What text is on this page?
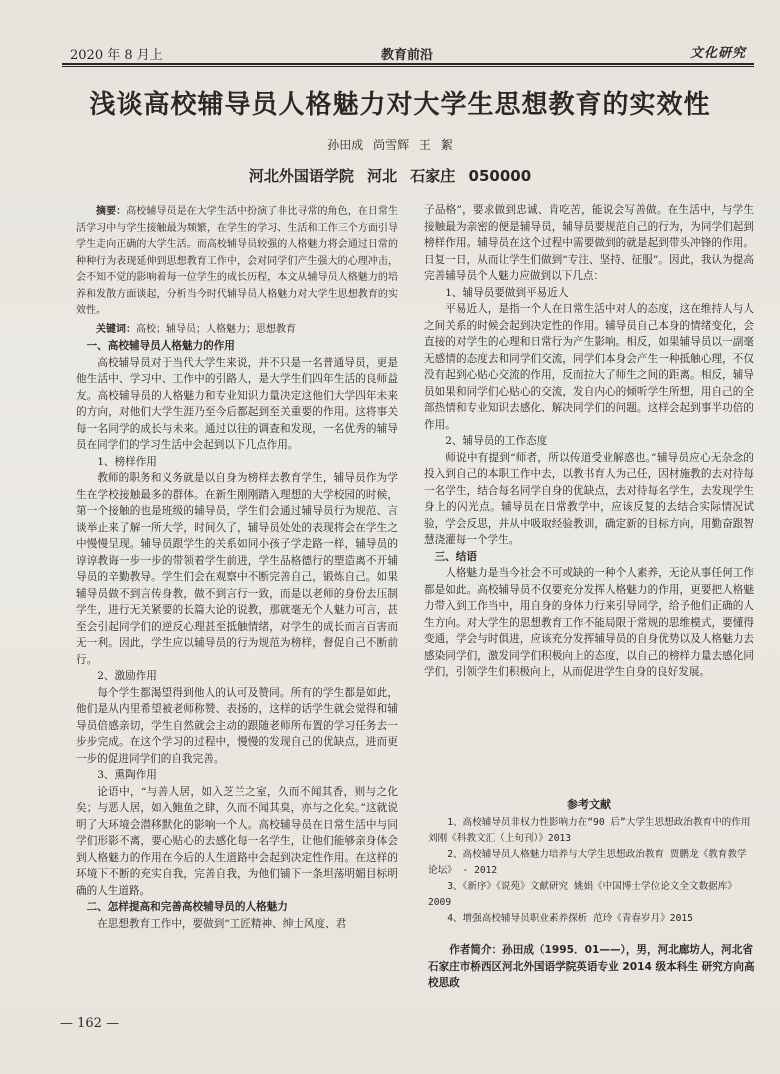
2020 年 8 月上	教育前沿	文化研究
浅谈高校辅导员人格魅力对大学生思想教育的实效性
孙田成 尚雪辉 王 絮
河北外国语学院 河北 石家庄 050000

摘要：高校辅导员是在大学生活中扮演了非比寻常的角色，在日常生活学习中与学生接触最为频繁，在学生的学习、生活和工作三个方面引导学生走向正确的大学生活。而高校辅导员较强的人格魅力将会通过日常的种种行为表现延伸到思想教育工作中，会对同学们产生强大的心理冲击，会不知不觉的影响着每一位学生的成长历程，本文从辅导员人格魅力的培养和发散方面谈起，分析当今时代辅导员人格魅力对大学生思想教育的实效性。

关键词：高校；辅导员；人格魅力；思想教育

一、高校辅导员人格魅力的作用

高校辅导员对于当代大学生来说，并不只是一名普通导员，更是他生活中、学习中、工作中的引路人，是大学生们四年生活的良师益友。高校辅导员的人格魅力和专业知识力量决定这他们大学四年未来的方向，对他们大学生涯乃至今后都起到至关重要的作用。这将事关每一名同学的成长与未来。通过以往的调查和发现，一名优秀的辅导员在同学们的学习生活中会起到以下几点作用。

1、榜样作用

教师的职务和义务就是以自身为榜样去教育学生，辅导员作为学生在学校接触最多的群体。在新生刚刚踏入理想的大学校园的时候，第一个接触的也是班级的辅导员，学生们会通过辅导员行为规范、言谈举止来了解一所大学，时间久了，辅导员处处的表现将会在学生之中慢慢呈现。辅导员跟学生的关系如同小孩子学走路一样，辅导员的谆谆教诲一步一步的带领着学生前进，学生品格德行的塑造离不开辅导员的辛勤教导。学生们会在观察中不断完善自己，锻炼自己。如果辅导员做不到言传身教，做不到言行一致，而是以老师的身份去压制学生，进行无关紧要的长篇大论的说教，那就毫无个人魅力可言，甚至会引起同学们的逆反心理甚至抵触情绪，对学生的成长而言百害而无一利。因此，学生应以辅导员的行为规范为榜样，督促自己不断前行。

2、激励作用

每个学生都渴望得到他人的认可及赞同。所有的学生都是如此，他们是从内里希望被老师称赞、表扬的，这样的话学生就会觉得和辅导员倍感亲切，学生自然就会主动的跟随老师所布置的学习任务去一步步完成。在这个学习的过程中，慢慢的发现自己的优缺点，进而更一步的促进同学们的自我完善。

3、熏陶作用

论语中，“与善人居，如入芝兰之室，久而不闻其香，则与之化矣；与恶人居，如入鲍鱼之肆，久而不闻其臭，亦与之化矣。”这就说明了大环境会潜移默化的影响一个人。高校辅导员在日常生活中与同学们形影不离，要心贴心的去感化每一名学生，让他们能够亲身体会到人格魅力的作用在今后的人生道路中会起到决定性作用。在这样的环境下不断的充实自我，完善自我，为他们铺下一条坦荡明媚目标明确的人生道路。

二、怎样提高和完善高校辅导员的人格魅力

在思想教育工作中，要做到“工匠精神、绅士风度、君

子品格”，要求做到忠诚、肯吃苦，能说会写善做。在生活中，与学生接触最为亲密的便是辅导员，辅导员要规范自己的行为，为同学们起到榜样作用。辅导员在这个过程中需要做到的就是起到带头冲锋的作用。日复一日，从而让学生们做到“专注、坚持、征服”。因此，我认为提高完善辅导员个人魅力应做到以下几点：

1、辅导员要做到平易近人

平易近人，是指一个人在日常生活中对人的态度，这在维持人与人之间关系的时候会起到决定性的作用。辅导员自己本身的情绪变化，会直接的对学生的心理和日常行为产生影响。相反，如果辅导员以一副毫无感情的态度去和同学们交流，同学们本身会产生一种抵触心理，不仅没有起到心贴心交流的作用，反而拉大了师生之间的距离。相反，辅导员如果和同学们心贴心的交流，发自内心的倾听学生所想，用自己的全部热情和专业知识去感化、解决同学们的问题。这样会起到事半功倍的作用。

2、辅导员的工作态度

师说中有提到“师者，所以传道受业解惑也。”辅导员应心无杂念的投入到自己的本职工作中去，以教书育人为己任，因材施教的去对待每一名学生，结合每名同学自身的优缺点，去对待每名学生，去发现学生身上的闪光点。辅导员在日常教学中，应该反复的去结合实际情况试验，学会反思，并从中吸取经验教训，确定新的目标方向，用勤奋跟智慧浇灌每一个学生。

三、结语

人格魅力是当今社会不可或缺的一种个人素养，无论从事任何工作都是如此。高校辅导员不仅要充分发挥人格魅力的作用，更要把人格魅力带入到工作当中，用自身的身体力行来引导同学，给予他们正确的人生方向。对大学生的思想教育工作不能局限于常规的思维模式，要懂得变通，学会与时俱进，应该充分发挥辅导员的自身优势以及人格魅力去感染同学们，激发同学们积极向上的态度，以自己的榜样力量去感化同学们，引领学生们积极向上，从而促进学生自身的良好发展。

参考文献

1、高校辅导员非权力性影响力在“90 后”大学生思想政治教育中的作用 刘刚《科教文汇（上旬刊）》2013

2、高校辅导员人格魅力培养与大学生思想政治教育 贾鹏龙《教育教学论坛》 - 2012

3、《新序》《说苑》文献研究 姚娟《中国博士学位论文全文数据库》2009

4、增强高校辅导员职业素养探析 范玲《青春岁月》2015

作者简介：孙田成（1995．01——），男，河北廊坊人，河北省石家庄市桥西区河北外国语学院英语专业 2014 级本科生 研究方向高校思政

— 162 —
